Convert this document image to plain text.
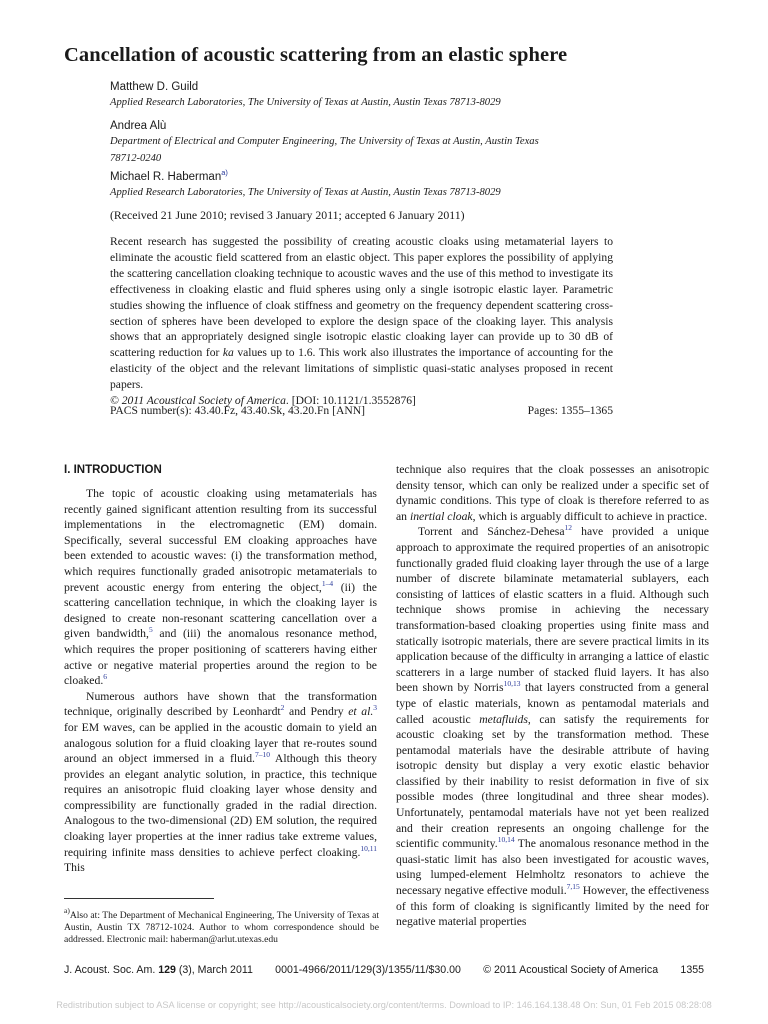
Cancellation of acoustic scattering from an elastic sphere
Matthew D. Guild
Applied Research Laboratories, The University of Texas at Austin, Austin Texas 78713-8029
Andrea Alù
Department of Electrical and Computer Engineering, The University of Texas at Austin, Austin Texas
78712-0240
Michael R. Haberman$^{a)}$
Applied Research Laboratories, The University of Texas at Austin, Austin Texas 78713-8029
(Received 21 June 2010; revised 3 January 2011; accepted 6 January 2011)

Recent research has suggested the possibility of creating acoustic cloaks using metamaterial layers to eliminate the acoustic field scattered from an elastic object. This paper explores the possibility of applying the scattering cancellation cloaking technique to acoustic waves and the use of this method to investigate its effectiveness in cloaking elastic and fluid spheres using only a single isotropic elastic layer. Parametric studies showing the influence of cloak stiffness and geometry on the frequency dependent scattering cross-section of spheres have been developed to explore the design space of the cloaking layer. This analysis shows that an appropriately designed single isotropic elastic cloaking layer can provide up to 30 dB of scattering reduction for ka values up to 1.6. This work also illustrates the importance of accounting for the elasticity of the object and the relevant limitations of simplistic quasi-static analyses proposed in recent papers.

© 2011 Acoustical Society of America. [DOI: 10.1121/1.3552876]

PACS number(s): 43.40.Fz, 43.40.Sk, 43.20.Fn [ANN]	Pages: 1355–1365
I. INTRODUCTION

The topic of acoustic cloaking using metamaterials has recently gained significant attention resulting from its successful implementations in the electromagnetic (EM) domain. Specifically, several successful EM cloaking approaches have been extended to acoustic waves: (i) the transformation method, which requires functionally graded anisotropic metamaterials to prevent acoustic energy from entering the object,$^{1-4}$ (ii) the scattering cancellation technique, in which the cloaking layer is designed to create non-resonant scattering cancellation over a given bandwidth,$^5$ and (iii) the anomalous resonance method, which requires the proper positioning of scatterers having either active or negative material properties around the region to be cloaked.$^6$

Numerous authors have shown that the transformation technique, originally described by Leonhardt$^2$ and Pendry et al.$^3$ for EM waves, can be applied in the acoustic domain to yield an analogous solution for a fluid cloaking layer that re-routes sound around an object immersed in a fluid.$^{7-10}$ Although this theory provides an elegant analytic solution, in practice, this technique requires an anisotropic fluid cloaking layer whose density and compressibility are functionally graded in the radial direction. Analogous to the two-dimensional (2D) EM solution, the required cloaking layer properties at the inner radius take extreme values, requiring infinite mass densities to achieve perfect cloaking.$^{10,11}$ This

$^{a)}$Also at: The Department of Mechanical Engineering, The University of Texas at Austin, Austin TX 78712-1024. Author to whom correspondence should be addressed. Electronic mail: haberman@arlut.utexas.edu

technique also requires that the cloak possesses an anisotropic density tensor, which can only be realized under a specific set of dynamic conditions. This type of cloak is therefore referred to as an inertial cloak, which is arguably difficult to achieve in practice.

Torrent and Sánchez-Dehesa$^{12}$ have provided a unique approach to approximate the required properties of an anisotropic functionally graded fluid cloaking layer through the use of a large number of discrete bilaminate metamaterial sublayers, each consisting of lattices of elastic scatters in a fluid. Although such technique shows promise in achieving the necessary transformation-based cloaking properties using finite mass and statically isotropic materials, there are severe practical limits in its application because of the difficulty in arranging a lattice of elastic scatterers in a large number of stacked fluid layers. It has also been shown by Norris$^{10,13}$ that layers constructed from a general type of elastic materials, known as pentamodal materials and called acoustic metafluids, can satisfy the requirements for acoustic cloaking set by the transformation method. These pentamodal materials have the desirable attribute of having isotropic density but display a very exotic elastic behavior classified by their inability to resist deformation in five of six possible modes (three longitudinal and three shear modes). Unfortunately, pentamodal materials have not yet been realized and their creation represents an ongoing challenge for the scientific community.$^{10,14}$ The anomalous resonance method in the quasi-static limit has also been investigated for acoustic waves, using lumped-element Helmholtz resonators to achieve the necessary negative effective moduli.$^{7,15}$ However, the effectiveness of this form of cloaking is significantly limited by the need for negative material properties

J. Acoust. Soc. Am. 129 (3), March 2011 0001-4966/2011/129(3)/1355/11/$30.00 © 2011 Acoustical Society of America 1355
Redistribution subject to ASA license or copyright; see http://acousticalsociety.org/content/terms. Download to IP: 146.164.138.48 On: Sun, 01 Feb 2015 08:28:08
